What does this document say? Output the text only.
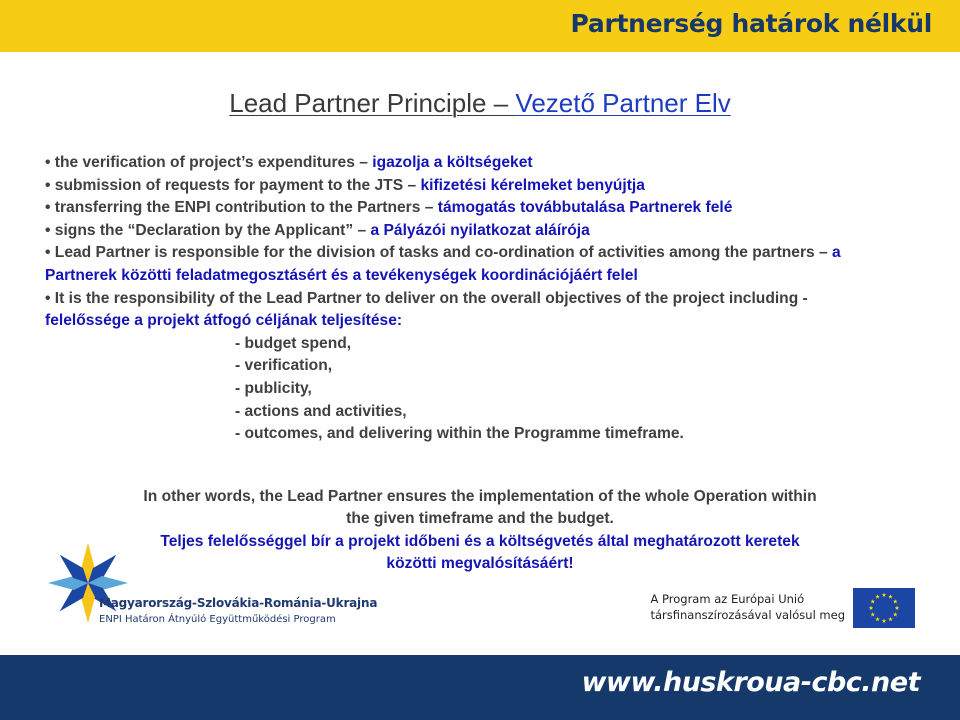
Partnerség határok nélkül
Lead Partner Principle – Vezető Partner Elv

• the verification of project’s expenditures – igazolja a költségeket

• submission of requests for payment to the JTS – kifizetési kérelmeket benyújtja

• transferring the ENPI contribution to the Partners – támogatás továbbutalása Partnerek felé

• signs the “Declaration by the Applicant” – a Pályázói nyilatkozat aláírója

• Lead Partner is responsible for the division of tasks and co-ordination of activities among the partners – a Partnerek közötti feladatmegosztásért és a tevékenységek koordinációjáért felel

• It is the responsibility of the Lead Partner to deliver on the overall objectives of the project including - felelőssége a projekt átfogó céljának teljesítése:

- budget spend,

- verification,

- publicity,

- actions and activities,

- outcomes, and delivering within the Programme timeframe.

In other words, the Lead Partner ensures the implementation of the whole Operation within the given timeframe and the budget.

Teljes felelősséggel bír a projekt időbeni és a költségvetés által meghatározott keretek közötti megvalósításáért!

Magyarország-Szlovákia-Románia-Ukrajna
ENPI Határon Átnyúló Együttműködési Program

A Program az Európai Unió

társfinanszírozásával valósul meg

www.huskroua-cbc.net
